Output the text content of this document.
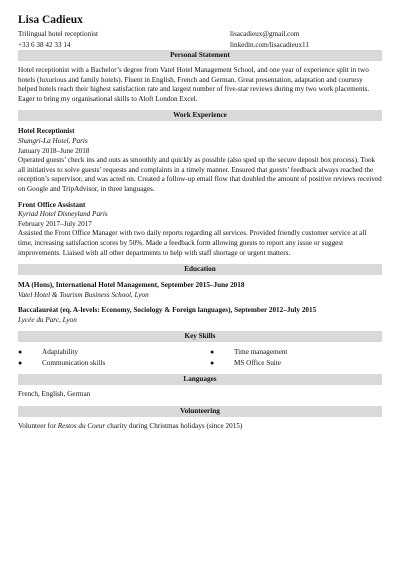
Lisa Cadieux
Trilingual hotel receptionist
+33 6 38 42 33 14
lisacadieux@gmail.com
linkedin.com/lisacadieux11
Personal Statement

Hotel receptionist with a Bachelor’s degree from Vatel Hotel Management School, and one year of experience split in two hotels (luxurious and family hotels). Fluent in English, French and German. Great presentation, adaptation and courtesy helped hotels reach their highest satisfaction rate and largest number of five-star reviews during my two work placements. Eager to bring my organisational skills to Aloft London Excel.

Work Experience
Hotel Receptionist
Shangri-La Hotel, Paris
January 2018–June 2018

Operated guests’ check ins and outs as smoothly and quickly as possible (also sped up the secure deposit box process). Took all initiatives to solve guests’ requests and complaints in a timely manner. Ensured that guests’ feedback always reached the reception’s supervisor, and was acted on. Created a follow-up email flow that doubled the amount of positive reviews received on Google and TripAdvisor, in three languages.

Front Office Assistant
Kyriad Hotel Disneyland Paris
February 2017–July 2017

Assisted the Front Office Manager with two daily reports regarding all services. Provided friendly customer service at all time, increasing satisfaction scores by 50%. Made a feedback form allowing guests to report any issue or suggest improvements. Liaised with all other departments to help with staff shortage or urgent matters.

Education
MA (Hons), International Hotel Management, September 2015–June 2018
Vatel Hotel & Tourism Business School, Lyon
Baccalauréat (eq. A-levels: Economy, Sociology & Foreign languages), September 2012–July 2015
Lycée du Parc, Lyon
Key Skills
●	Adaptability	●	Time management
●	Communication skills	●	MS Office Suite
Languages

French, English, German

Volunteering

Volunteer for Restos du Coeur charity during Christmas holidays (since 2015)
